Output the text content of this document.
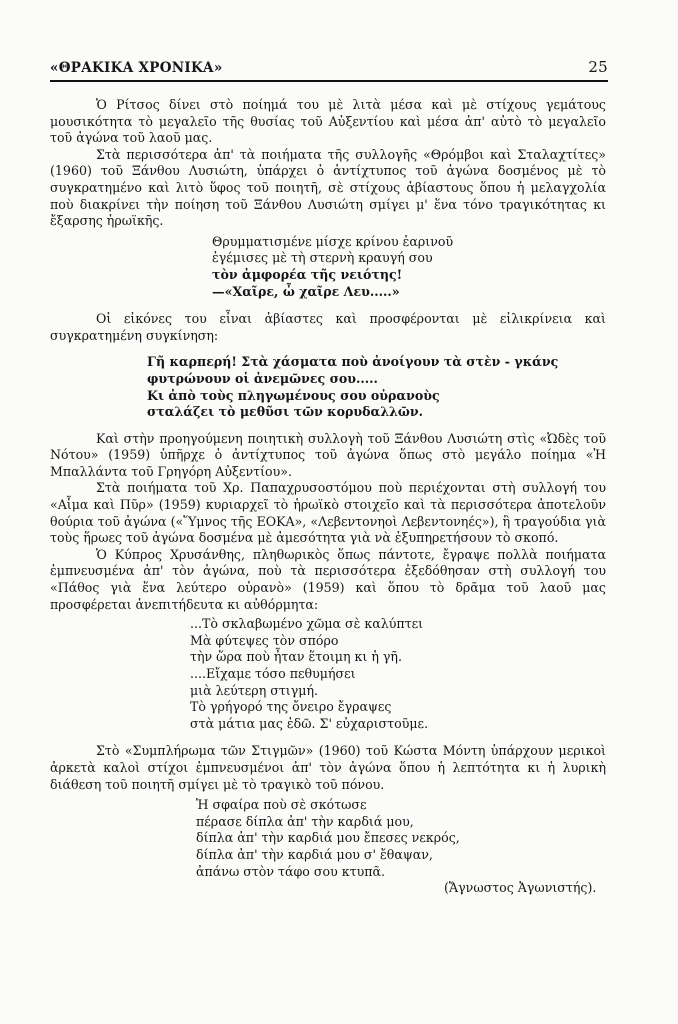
«ΘΡΑΚΙΚΑ ΧΡΟΝΙΚΑ»	25

Ὁ Ρίτσος δίνει στὸ ποίημά του μὲ λιτὰ μέσα καὶ μὲ στίχους γεμάτους μουσικότητα τὸ μεγαλεῖο τῆς θυσίας τοῦ Αὐξεντίου καὶ μέσα ἀπ' αὐτὸ τὸ μεγαλεῖο τοῦ ἀγώνα τοῦ λαοῦ μας.

Στὰ περισσότερα ἀπ' τὰ ποιήματα τῆς συλλογῆς «Θρόμβοι καὶ Σταλαχτίτες» (1960) τοῦ Ξάνθου Λυσιώτη, ὑπάρχει ὁ ἀντίχτυπος τοῦ ἀγώνα δοσμένος μὲ τὸ συγκρατημένο καὶ λιτὸ ὕφος τοῦ ποιητῆ, σὲ στίχους ἀβίαστους ὅπου ἡ μελαγχολία ποὺ διακρίνει τὴν ποίηση τοῦ Ξάνθου Λυσιώτη σμίγει μ' ἕνα τόνο τραγικότητας κι ἔξαρσης ἡρωϊκῆς.

Θρυμματισμένε μίσχε κρίνου ἐαρινοῦ
ἐγέμισες μὲ τὴ στερνὴ κραυγή σου
τὸν ἀμφορέα τῆς νειότης!
—«Χαῖρε, ὦ χαῖρε Λευ.....»

Οἱ εἰκόνες του εἶναι ἀβίαστες καὶ προσφέρονται μὲ εἰλικρίνεια καὶ συγκρατημένη συγκίνηση:

Γῆ καρπερή! Στὰ χάσματα ποὺ ἀνοίγουν τὰ στὲν - γκάνς
φυτρώνουν οἱ ἀνεμῶνες σου.....
Κι ἀπὸ τοὺς πληγωμένους σου οὐρανοὺς
σταλάζει τὸ μεθῦσι τῶν κορυδαλλῶν.

Καὶ στὴν προηγούμενη ποιητικὴ συλλογὴ τοῦ Ξάνθου Λυσιώτη στὶς «Ὠδὲς τοῦ Νότου» (1959) ὑπῆρχε ὁ ἀντίχτυπος τοῦ ἀγώνα ὅπως στὸ μεγάλο ποίημα «Ἡ Μπαλλάντα τοῦ Γρηγόρη Αὐξεντίου».

Στὰ ποιήματα τοῦ Χρ. Παπαχρυσοστόμου ποὺ περιέχονται στὴ συλλογή του «Αἷμα καὶ Πῦρ» (1959) κυριαρχεῖ τὸ ἡρωϊκὸ στοιχεῖο καὶ τὰ περισσότερα ἀποτελοῦν θούρια τοῦ ἀγώνα («Ὕμνος τῆς ΕΟΚΑ», «Λεβεντονηοὶ Λεβεντονηές»), ἢ τραγούδια γιὰ τοὺς ἥρωες τοῦ ἀγώνα δοσμένα μὲ ἀμεσότητα γιὰ νὰ ἐξυπηρετήσουν τὸ σκοπό.

Ὁ Κύπρος Χρυσάνθης, πληθωρικὸς ὅπως πάντοτε, ἔγραψε πολλὰ ποιήματα ἐμπνευσμένα ἀπ' τὸν ἀγώνα, ποὺ τὰ περισσότερα ἐξεδόθησαν στὴ συλλογή του «Πάθος γιὰ ἕνα λεύτερο οὐρανὸ» (1959) καὶ ὅπου τὸ δρᾶμα τοῦ λαοῦ μας προσφέρεται ἀνεπιτήδευτα κι αὐθόρμητα:

...Τὸ σκλαβωμένο χῶμα σὲ καλύπτει
Μὰ φύτεψες τὸν σπόρο
τὴν ὥρα ποὺ ἦταν ἕτοιμη κι ἡ γῆ.
....Εἴχαμε τόσο πεθυμήσει
μιὰ λεύτερη στιγμή.
Τὸ γρήγορό της ὄνειρο ἔγραψες
στὰ μάτια μας ἐδῶ. Σ' εὐχαριστοῦμε.

Στὸ «Συμπλήρωμα τῶν Στιγμῶν» (1960) τοῦ Κώστα Μόντη ὑπάρχουν μερικοὶ ἀρκετὰ καλοὶ στίχοι ἐμπνευσμένοι ἀπ' τὸν ἀγώνα ὅπου ἡ λεπτότητα κι ἡ λυρικὴ διάθεση τοῦ ποιητῆ σμίγει μὲ τὸ τραγικὸ τοῦ πόνου.

Ἡ σφαίρα ποὺ σὲ σκότωσε
πέρασε δίπλα ἀπ' τὴν καρδιά μου,
δίπλα ἀπ' τὴν καρδιά μου ἔπεσες νεκρός,
δίπλα ἀπ' τὴν καρδιά μου σ' ἔθαψαν,
ἀπάνω στὸν τάφο σου κτυπᾶ.
(Ἄγνωστος Ἀγωνιστής).
